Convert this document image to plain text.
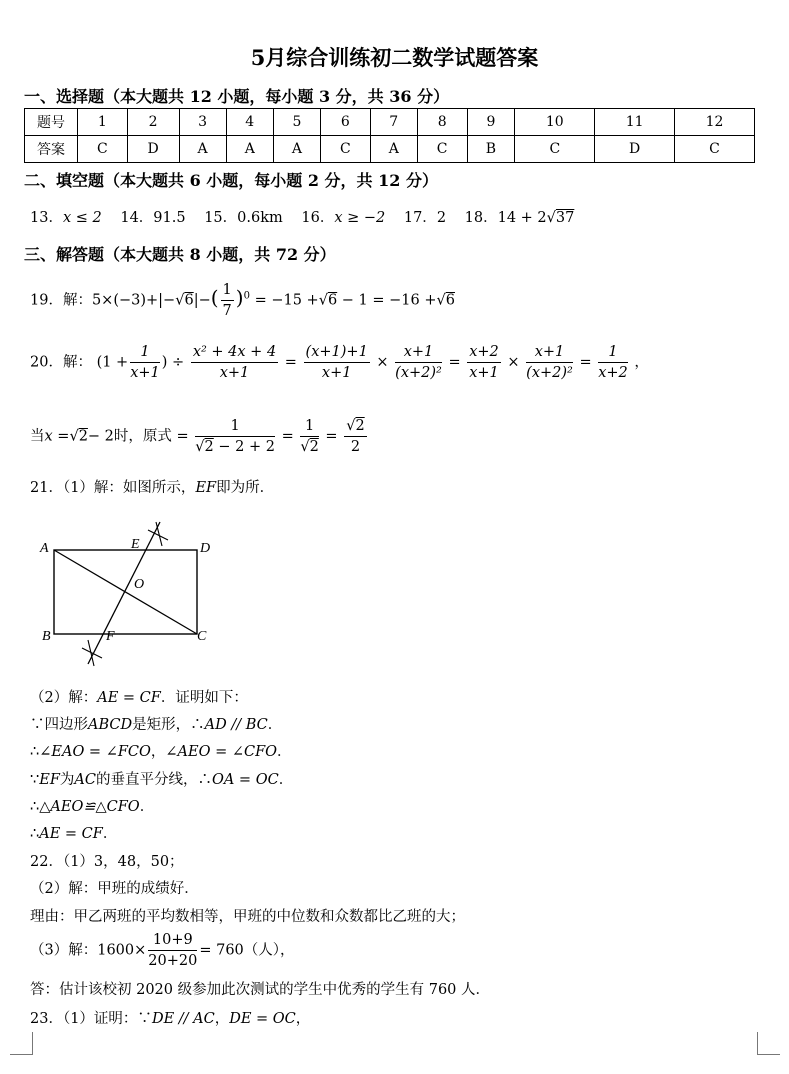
5月综合训练初二数学试题答案
一、选择题（本大题共 12 小题，每小题 3 分，共 36 分）
题号	1	2	3	4	5	6	7	8	9	10	11	12
答案	C	D	A	A	A	C	A	C	B	C	D	C
二、填空题（本大题共 6 小题，每小题 2 分，共 12 分）
13．x ≤ 2 14．91.5 15．0.6km 16．x ≥ −2 17．2 18．14 + 2√37
三、解答题（本大题共 8 小题，共 72 分）
19．解：$5\times(-3)+|-√6|-( \frac{1}{7} )^0 = -15 +√6 - 1 = -16 +√6$
20．解： ($1 + \frac{1}{x+1}$ ) ÷ $\frac{\text{x² + 4x + 4}}{x+1} = \frac{(x+1)+1}{x+1} \times \frac{x+1}{\text{(x+2)²}} = \frac{x+2}{x+1} \times \frac{x+1}{\text{(x+2)²}} = \frac{1}{x+2}$ ，
当x =√2− 2时，原式 = $\frac{1}{√2 - 2 + 2} = \frac{1}{√2} = \frac{√2}{2}$
21．（1）解：如图所示，EF即为所．
A	E	D
O
B	F	C
（2）解：AE = CF．证明如下：
∵四边形ABCD是矩形，∴AD // BC．
∴∠EAO = ∠FCO，∠AEO = ∠CFO．
∵EF为AC的垂直平分线，∴OA = OC．
∴△AEO≌△CFO．
∴AE = CF．
22．（1）3，48，50；
（2）解：甲班的成绩好．
理由：甲乙两班的平均数相等，甲班的中位数和众数都比乙班的大；
（3）解：$1600\times \frac{10+9}{20+20} = 760$（人），
答：估计该校初 2020 级参加此次测试的学生中优秀的学生有 760 人．
23．（1）证明：∵DE // AC，DE = OC，
